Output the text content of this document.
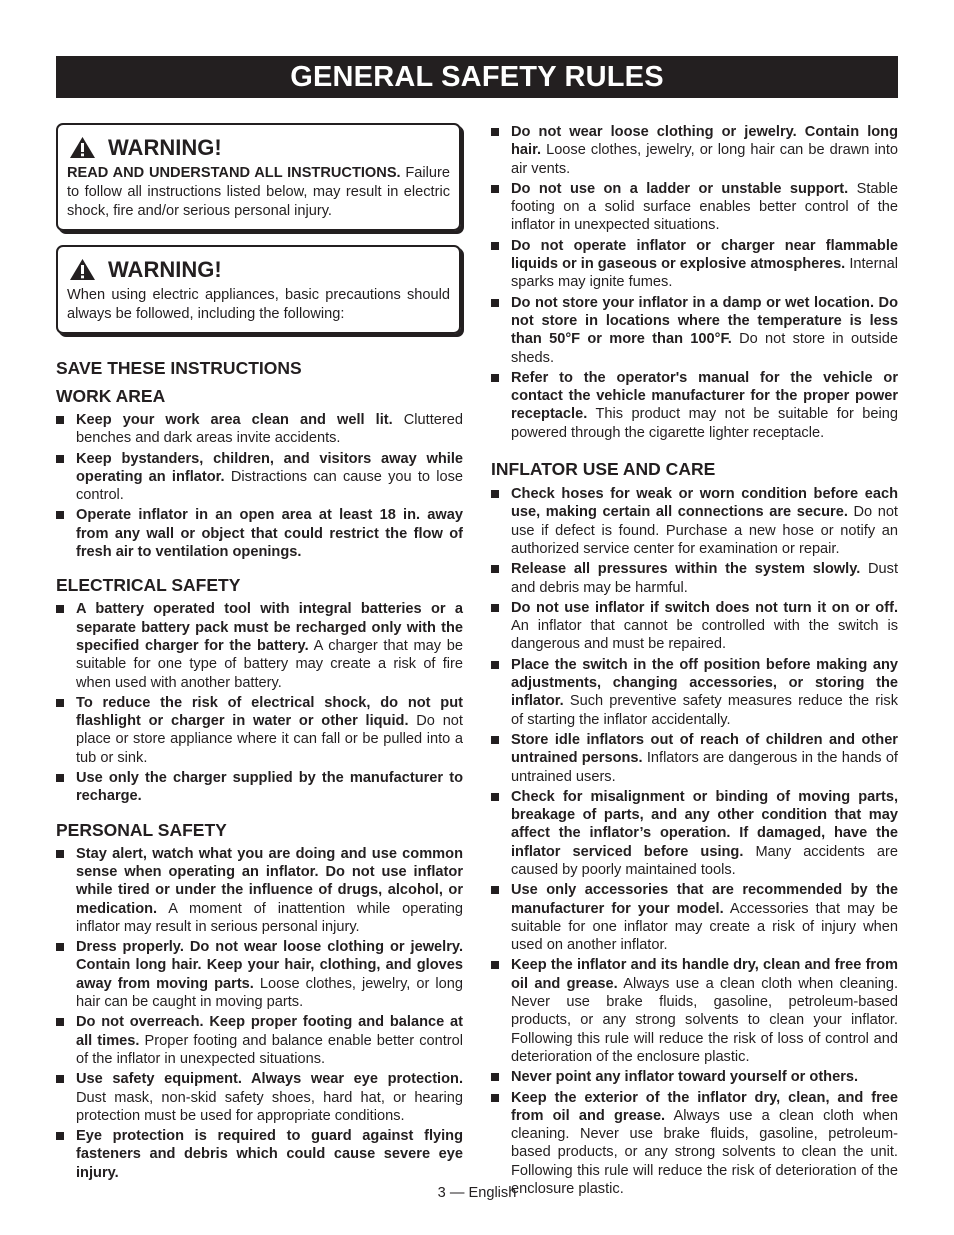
GENERAL SAFETY RULES
WARNING!
READ AND UNDERSTAND ALL INSTRUCTIONS. Failure to follow all instructions listed below, may result in electric shock, fire and/or serious personal injury.
WARNING!
When using electric appliances, basic precautions should always be followed, including the following:
SAVE THESE INSTRUCTIONS
WORK AREA
Keep your work area clean and well lit. Cluttered benches and dark areas invite accidents.
Keep bystanders, children, and visitors away while operating an inflator. Distractions can cause you to lose control.
Operate inflator in an open area at least 18 in. away from any wall or object that could restrict the flow of fresh air to ventilation openings.
ELECTRICAL SAFETY
A battery operated tool with integral batteries or a separate battery pack must be recharged only with the specified charger for the battery. A charger that may be suitable for one type of battery may create a risk of fire when used with another battery.
To reduce the risk of electrical shock, do not put flashlight or charger in water or other liquid. Do not place or store appliance where it can fall or be pulled into a tub or sink.
Use only the charger supplied by the manufacturer to recharge.
PERSONAL SAFETY
Stay alert, watch what you are doing and use common sense when operating an inflator. Do not use inflator while tired or under the influence of drugs, alcohol, or medication. A moment of inattention while operating inflator may result in serious personal injury.
Dress properly. Do not wear loose clothing or jewelry. Contain long hair. Keep your hair, clothing, and gloves away from moving parts. Loose clothes, jewelry, or long hair can be caught in moving parts.
Do not overreach. Keep proper footing and balance at all times. Proper footing and balance enable better control of the inflator in unexpected situations.
Use safety equipment. Always wear eye protection. Dust mask, non-skid safety shoes, hard hat, or hearing protection must be used for appropriate conditions.
Eye protection is required to guard against flying fasteners and debris which could cause severe eye injury.
Do not wear loose clothing or jewelry. Contain long hair. Loose clothes, jewelry, or long hair can be drawn into air vents.
Do not use on a ladder or unstable support. Stable footing on a solid surface enables better control of the inflator in unexpected situations.
Do not operate inflator or charger near flammable liquids or in gaseous or explosive atmospheres. Internal sparks may ignite fumes.
Do not store your inflator in a damp or wet location. Do not store in locations where the temperature is less than 50°F or more than 100°F. Do not store in outside sheds.
Refer to the operator's manual for the vehicle or contact the vehicle manufacturer for the proper power receptacle. This product may not be suitable for being powered through the cigarette lighter receptacle.
INFLATOR USE AND CARE
Check hoses for weak or worn condition before each use, making certain all connections are secure. Do not use if defect is found. Purchase a new hose or notify an authorized service center for examination or repair.
Release all pressures within the system slowly. Dust and debris may be harmful.
Do not use inflator if switch does not turn it on or off. An inflator that cannot be controlled with the switch is dangerous and must be repaired.
Place the switch in the off position before making any adjustments, changing accessories, or storing the inflator. Such preventive safety measures reduce the risk of starting the inflator accidentally.
Store idle inflators out of reach of children and other untrained persons. Inflators are dangerous in the hands of untrained users.
Check for misalignment or binding of moving parts, breakage of parts, and any other condition that may affect the inflator’s operation. If damaged, have the inflator serviced before using. Many accidents are caused by poorly maintained tools.
Use only accessories that are recommended by the manufacturer for your model. Accessories that may be suitable for one inflator may create a risk of injury when used on another inflator.
Keep the inflator and its handle dry, clean and free from oil and grease. Always use a clean cloth when cleaning. Never use brake fluids, gasoline, petroleum-based products, or any strong solvents to clean your inflator. Following this rule will reduce the risk of loss of control and deterioration of the enclosure plastic.
Never point any inflator toward yourself or others.
Keep the exterior of the inflator dry, clean, and free from oil and grease. Always use a clean cloth when cleaning. Never use brake fluids, gasoline, petroleum-based products, or any strong solvents to clean the unit. Following this rule will reduce the risk of deterioration of the enclosure plastic.
3 — English
